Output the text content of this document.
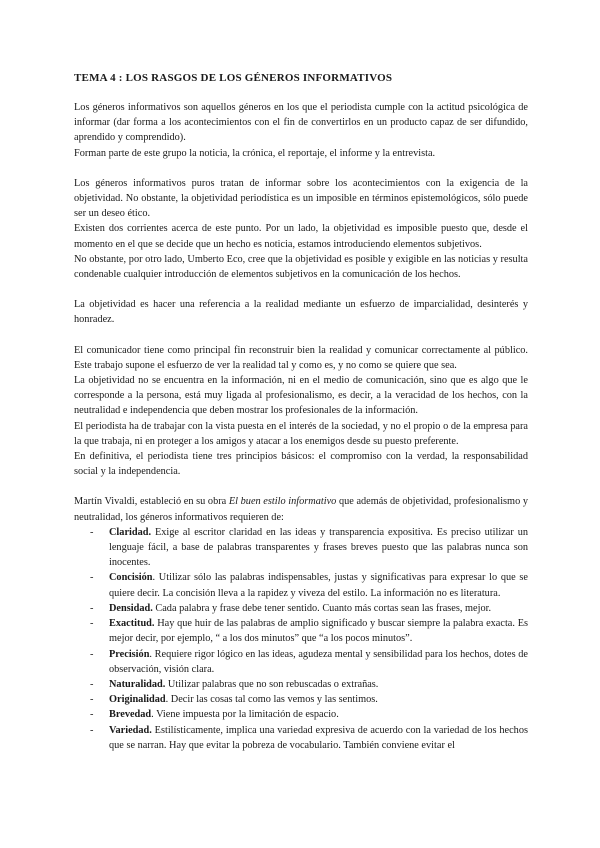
TEMA 4 : LOS RASGOS DE LOS GÉNEROS INFORMATIVOS

Los géneros informativos son aquellos géneros en los que el periodista cumple con la actitud psicológica de informar (dar forma a los acontecimientos con el fin de convertirlos en un producto capaz de ser difundido, aprendido y comprendido).

Forman parte de este grupo la noticia, la crónica, el reportaje, el informe y la entrevista.

Los géneros informativos puros tratan de informar sobre los acontecimientos con la exigencia de la objetividad. No obstante, la objetividad periodística es un imposible en términos epistemológicos, sólo puede ser un deseo ético.

Existen dos corrientes acerca de este punto. Por un lado, la objetividad es imposible puesto que, desde el momento en el que se decide que un hecho es noticia, estamos introduciendo elementos subjetivos.

No obstante, por otro lado, Umberto Eco, cree que la objetividad es posible y exigible en las noticias y resulta condenable cualquier introducción de elementos subjetivos en la comunicación de los hechos.

La objetividad es hacer una referencia a la realidad mediante un esfuerzo de imparcialidad, desinterés y honradez.

El comunicador tiene como principal fin reconstruir bien la realidad y comunicar correctamente al público. Este trabajo supone el esfuerzo de ver la realidad tal y como es, y no como se quiere que sea.

La objetividad no se encuentra en la información, ni en el medio de comunicación, sino que es algo que le corresponde a la persona, está muy ligada al profesionalismo, es decir, a la veracidad de los hechos, con la neutralidad e independencia que deben mostrar los profesionales de la información.

El periodista ha de trabajar con la vista puesta en el interés de la sociedad, y no el propio o de la empresa para la que trabaja, ni en proteger a los amigos y atacar a los enemigos desde su puesto preferente.

En definitiva, el periodista tiene tres principios básicos: el compromiso con la verdad, la responsabilidad social y la independencia.

Martín Vivaldi, estableció en su obra El buen estilo informativo que además de objetividad, profesionalismo y neutralidad, los géneros informativos requieren de:

- Claridad. Exige al escritor claridad en las ideas y transparencia expositiva. Es preciso utilizar un lenguaje fácil, a base de palabras transparentes y frases breves puesto que las palabras nunca son inocentes.
- Concisión. Utilizar sólo las palabras indispensables, justas y significativas para expresar lo que se quiere decir. La concisión lleva a la rapidez y viveza del estilo. La información no es literatura.
- Densidad. Cada palabra y frase debe tener sentido. Cuanto más cortas sean las frases, mejor.
- Exactitud. Hay que huir de las palabras de amplio significado y buscar siempre la palabra exacta. Es mejor decir, por ejemplo, “ a los dos minutos” que “a los pocos minutos”.
- Precisión. Requiere rigor lógico en las ideas, agudeza mental y sensibilidad para los hechos, dotes de observación, visión clara.
- Naturalidad. Utilizar palabras que no son rebuscadas o extrañas.
- Originalidad. Decir las cosas tal como las vemos y las sentimos.
- Brevedad. Viene impuesta por la limitación de espacio.
- Variedad. Estilísticamente, implica una variedad expresiva de acuerdo con la variedad de los hechos que se narran. Hay que evitar la pobreza de vocabulario. También conviene evitar el
